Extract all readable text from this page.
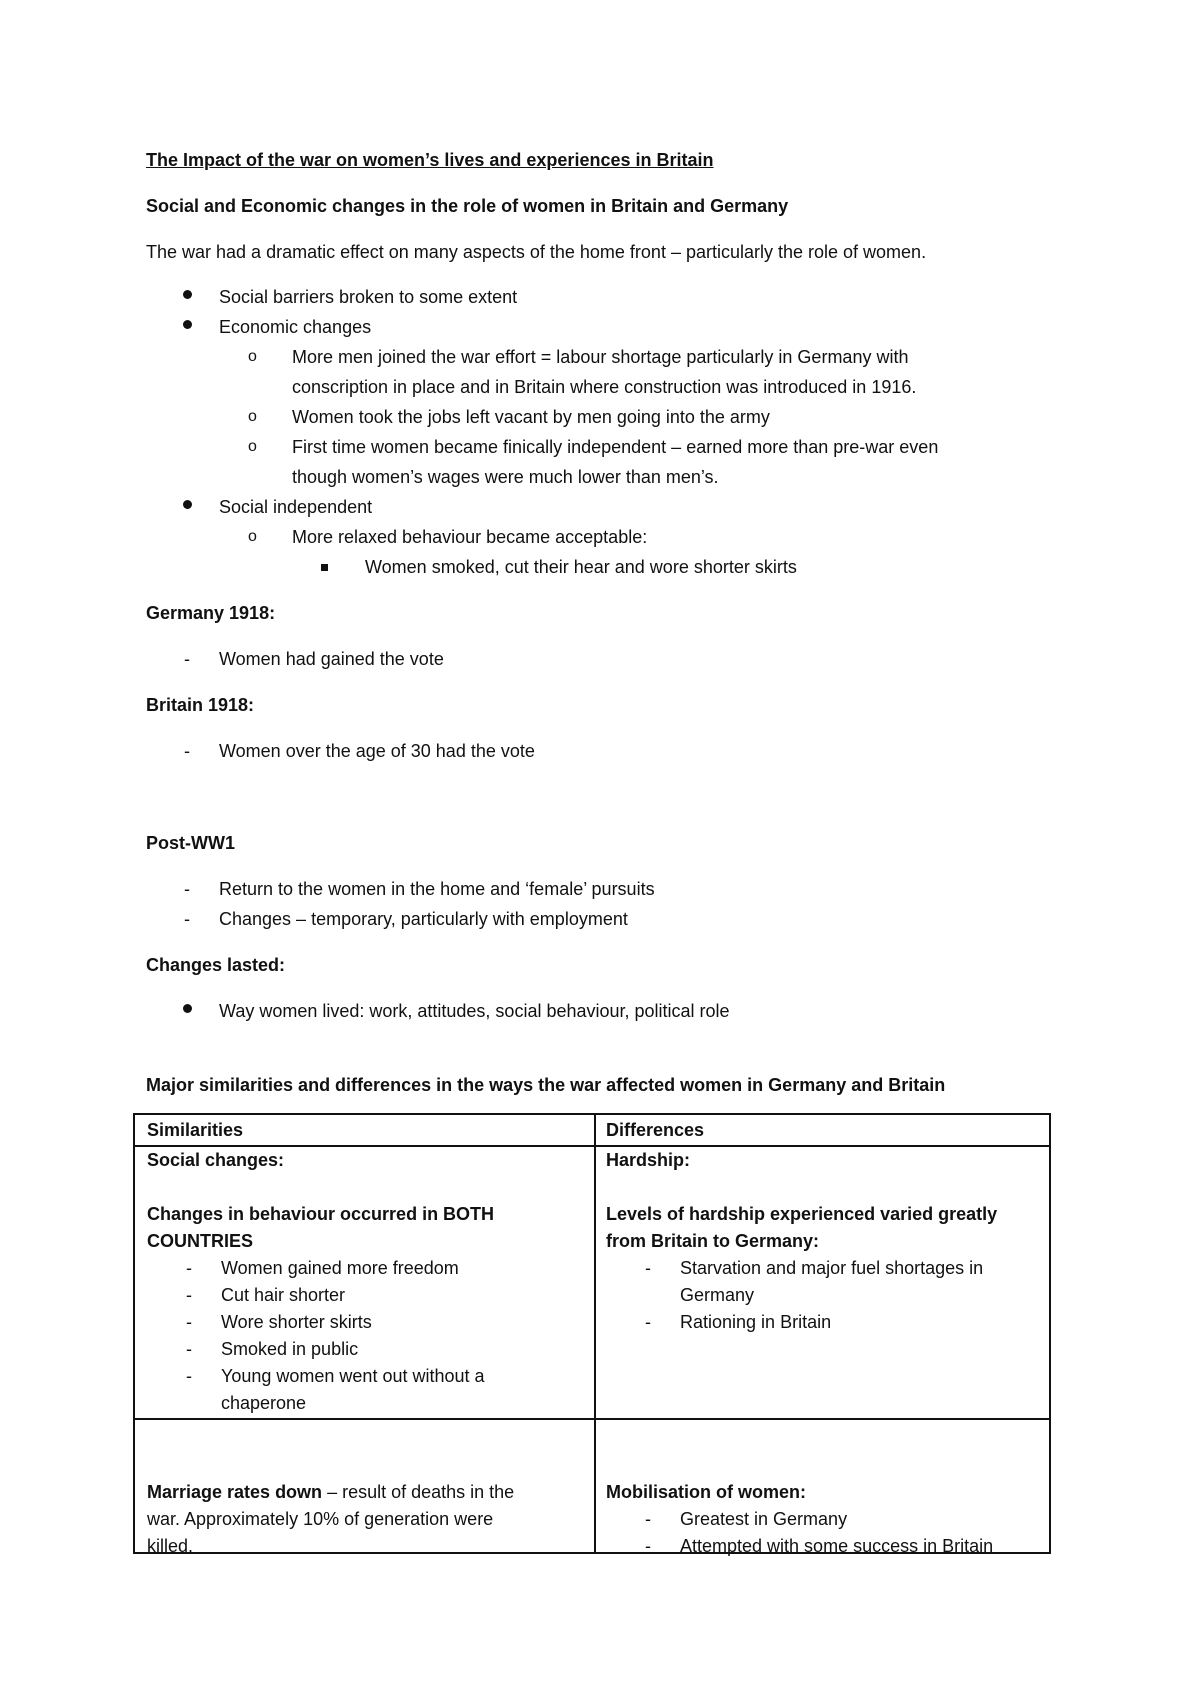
The Impact of the war on women’s lives and experiences in Britain
Social and Economic changes in the role of women in Britain and Germany
The war had a dramatic effect on many aspects of the home front – particularly the role of women.
Social barriers broken to some extent
Economic changes
o More men joined the war effort = labour shortage particularly in Germany with
conscription in place and in Britain where construction was introduced in 1916.
o Women took the jobs left vacant by men going into the army
o First time women became finically independent – earned more than pre-war even
though women’s wages were much lower than men’s.
Social independent
o More relaxed behaviour became acceptable:
Women smoked, cut their hear and wore shorter skirts
Germany 1918:
- Women had gained the vote
Britain 1918:
- Women over the age of 30 had the vote
Post-WW1
- Return to the women in the home and ‘female’ pursuits
- Changes – temporary, particularly with employment
Changes lasted:
Way women lived: work, attitudes, social behaviour, political role
Major similarities and differences in the ways the war affected women in Germany and Britain
Similarities	Differences
Social changes:
Changes in behaviour occurred in BOTH
COUNTRIES
- Women gained more freedom
- Cut hair shorter
- Wore shorter skirts
- Smoked in public
- Young women went out without a
chaperone
Hardship:
Levels of hardship experienced varied greatly
from Britain to Germany:
- Starvation and major fuel shortages in
Germany
- Rationing in Britain
Marriage rates down – result of deaths in the
war. Approximately 10% of generation were
killed.
Mobilisation of women:
- Greatest in Germany
- Attempted with some success in Britain
